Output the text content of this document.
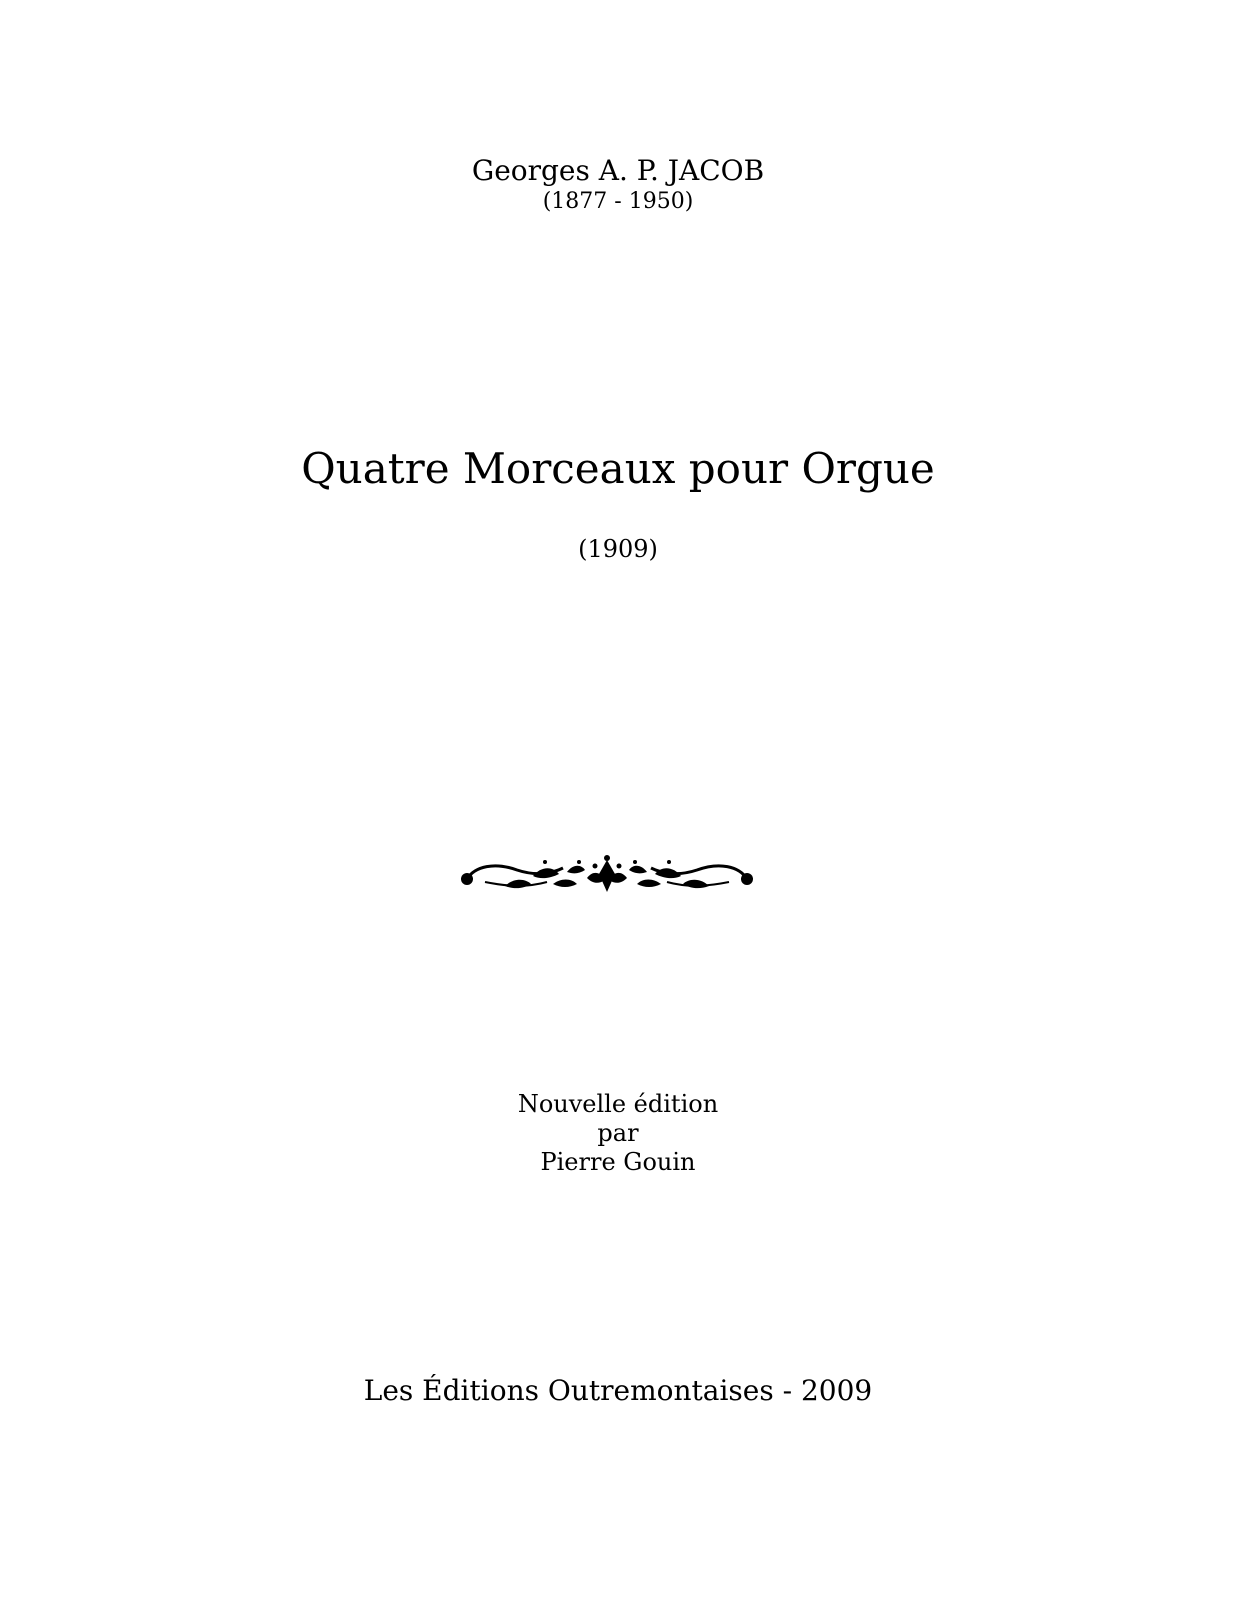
Georges A. P. JACOB
(1877 - 1950)
Quatre Morceaux pour Orgue
(1909)
Nouvelle édition
par
Pierre Gouin
Les Éditions Outremontaises - 2009
